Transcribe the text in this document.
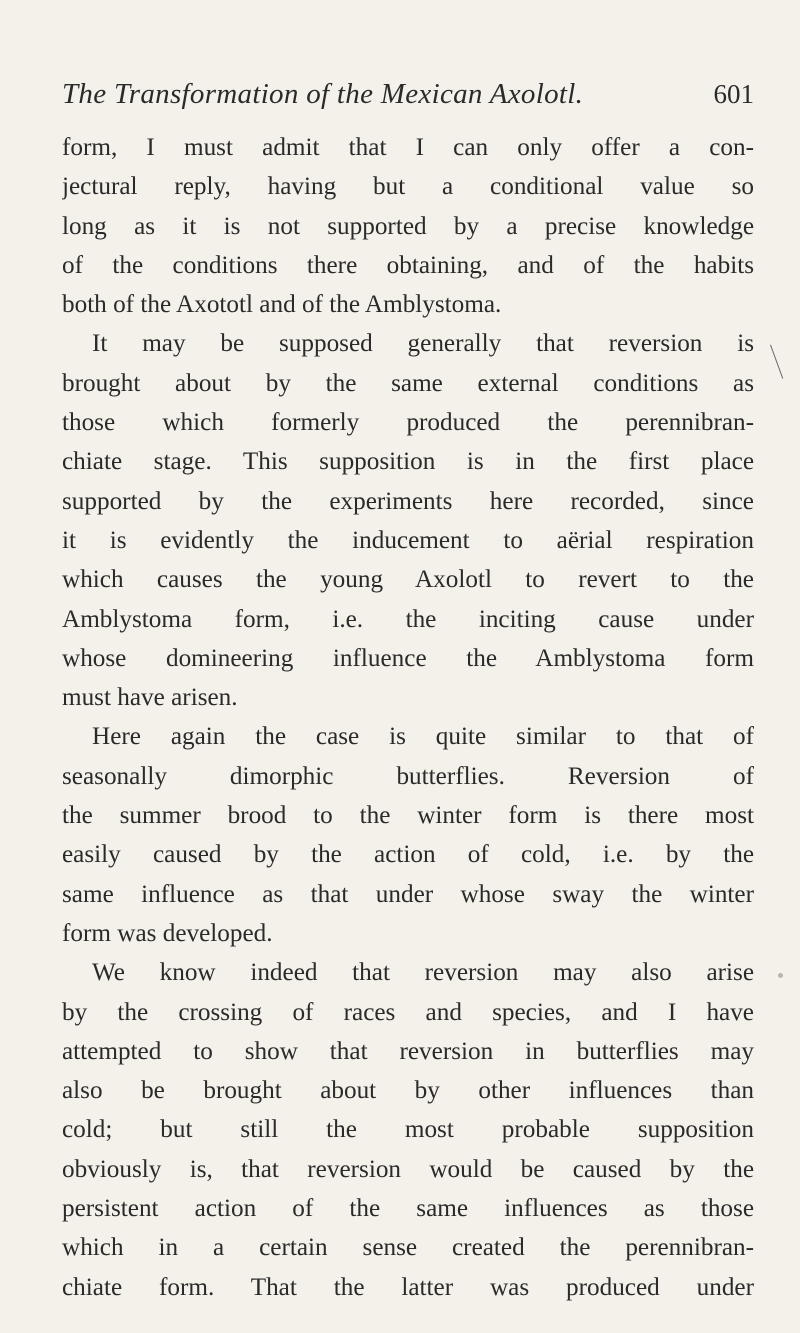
The Transformation of the Mexican Axolotl.	601
form, I must admit that I can only offer a con-
jectural reply, having but a conditional value so
long as it is not supported by a precise knowledge
of the conditions there obtaining, and of the habits
both of the Axototl and of the Amblystoma.
It may be supposed generally that reversion is
brought about by the same external conditions as
those which formerly produced the perennibran-
chiate stage. This supposition is in the first place
supported by the experiments here recorded, since
it is evidently the inducement to aërial respiration
which causes the young Axolotl to revert to the
Amblystoma form, i.e. the inciting cause under
whose domineering influence the Amblystoma form
must have arisen.
Here again the case is quite similar to that of
seasonally dimorphic butterflies. Reversion of
the summer brood to the winter form is there most
easily caused by the action of cold, i.e. by the
same influence as that under whose sway the winter
form was developed.
We know indeed that reversion may also arise
by the crossing of races and species, and I have
attempted to show that reversion in butterflies may
also be brought about by other influences than
cold; but still the most probable supposition
obviously is, that reversion would be caused by the
persistent action of the same influences as those
which in a certain sense created the perennibran-
chiate form. That the latter was produced under
